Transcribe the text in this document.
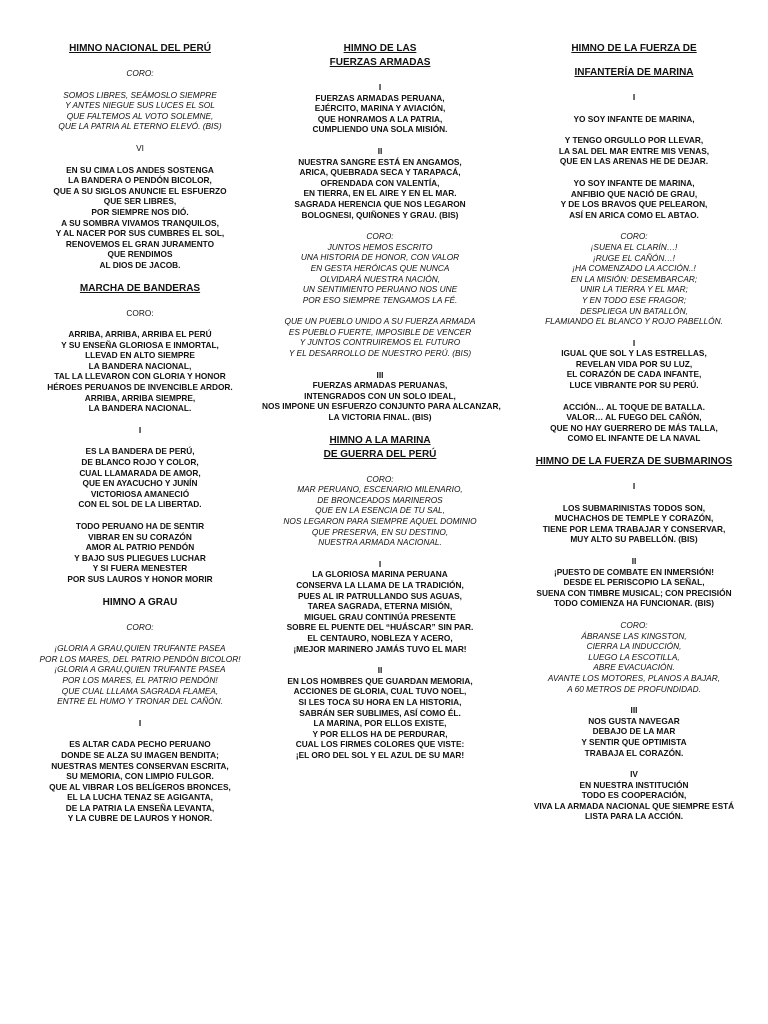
HIMNO NACIONAL DEL PERÚ
CORO:
SOMOS LIBRES, SEÁMOSLO SIEMPRE
Y ANTES NIEGUE SUS LUCES EL SOL
QUE FALTEMOS AL VOTO SOLEMNE,
QUE LA PATRIA AL ETERNO ELEVÓ. (BIS)
VI
EN SU CIMA LOS ANDES SOSTENGA
LA BANDERA O PENDÓN BICOLOR,
QUE A SU SIGLOS ANUNCIE EL ESFUERZO
QUE SER LIBRES,
POR SIEMPRE NOS DIÓ.
A SU SOMBRA VIVAMOS TRANQUILOS,
Y AL NACER POR SUS CUMBRES EL SOL,
RENOVEMOS EL GRAN JURAMENTO
QUE RENDIMOS
AL DIOS DE JACOB.
MARCHA DE BANDERAS
CORO:
ARRIBA, ARRIBA, ARRIBA EL PERÚ
Y SU ENSEÑA GLORIOSA E INMORTAL,
LLEVAD EN ALTO SIEMPRE
LA BANDERA NACIONAL,
TAL LA LLEVARON CON GLORIA Y HONOR
HÉROES PERUANOS DE INVENCIBLE ARDOR.
ARRIBA, ARRIBA SIEMPRE,
LA BANDERA NACIONAL.
I
ES LA BANDERA DE PERÚ,
DE BLANCO ROJO Y COLOR,
CUAL LLAMARADA DE AMOR,
QUE EN AYACUCHO Y JUNÍN
VICTORIOSA AMANECIÓ
CON EL SOL DE LA LIBERTAD.
TODO PERUANO HA DE SENTIR
VIBRAR EN SU CORAZÓN
AMOR AL PATRIO PENDÓN
Y BAJO SUS PLIEGUES LUCHAR
Y SI FUERA MENESTER
POR SUS LAUROS Y HONOR MORIR
HIMNO A GRAU
CORO:
¡GLORIA A GRAU,QUIEN TRUFANTE PASEA
POR LOS MARES, DEL PATRIO PENDÓN BICOLOR!
¡GLORIA A GRAU,QUIEN TRUFANTE PASEA
POR LOS MARES, EL PATRIO PENDÓN!
QUE CUAL LLLAMA SAGRADA FLAMEA,
ENTRE EL HUMO Y TRONAR DEL CAÑÓN.
I
ES ALTAR CADA PECHO PERUANO
DONDE SE ALZA SU IMAGEN BENDITA;
NUESTRAS MENTES CONSERVAN ESCRITA,
SU MEMORIA, CON LIMPIO FULGOR.
QUE AL VIBRAR LOS BELÍGEROS BRONCES,
EL LA LUCHA TENAZ SE AGIGANTA,
DE LA PATRIA LA ENSEÑA LEVANTA,
Y LA CUBRE DE LAUROS Y HONOR.
HIMNO DE LAS
FUERZAS ARMADAS
I
FUERZAS ARMADAS PERUANA,
EJÉRCITO, MARINA Y AVIACIÓN,
QUE HONRAMOS A LA PATRIA,
CUMPLIENDO UNA SOLA MISIÓN.
II
NUESTRA SANGRE ESTÁ EN ANGAMOS,
ARICA, QUEBRADA SECA Y TARAPACÁ,
OFRENDADA CON VALENTÍA,
EN TIERRA, EN EL AIRE Y EN EL MAR.
SAGRADA HERENCIA QUE NOS LEGARON
BOLOGNESI, QUIÑONES Y GRAU. (BIS)
CORO:
JUNTOS HEMOS ESCRITO
UNA HISTORIA DE HONOR, CON VALOR
EN GESTA HERÓICAS QUE NUNCA
OLVIDARÁ NUESTRA NACIÓN,
UN SENTIMIENTO PERUANO NOS UNE
POR ESO SIEMPRE TENGAMOS LA FÉ.
QUE UN PUEBLO UNIDO A SU FUERZA ARMADA
ES PUEBLO FUERTE, IMPOSIBLE DE VENCER
Y JUNTOS CONTRUIREMOS EL FUTURO
Y EL DESARROLLO DE NUESTRO PERÚ. (BIS)
III
FUERZAS ARMADAS PERUANAS,
INTENGRADOS CON UN SOLO IDEAL,
NOS IMPONE UN ESFUERZO CONJUNTO PARA ALCANZAR,
LA VICTORIA FINAL. (BIS)
HIMNO A LA MARINA
DE GUERRA DEL PERÚ
CORO:
MAR PERUANO, ESCENARIO MILENARIO,
DE BRONCEADOS MARINEROS
QUE EN LA ESENCIA DE TU SAL,
NOS LEGARON PARA SIEMPRE AQUEL DOMINIO
QUE PRESERVA, EN SU DESTINO,
NUESTRA ARMADA NACIONAL.
I
LA GLORIOSA MARINA PERUANA
CONSERVA LA LLAMA DE LA TRADICIÓN,
PUES AL IR PATRULLANDO SUS AGUAS,
TAREA SAGRADA, ETERNA MISIÓN,
MIGUEL GRAU CONTINÚA PRESENTE
SOBRE EL PUENTE DEL “HUÁSCAR” SIN PAR.
EL CENTAURO, NOBLEZA Y ACERO,
¡MEJOR MARINERO JAMÁS TUVO EL MAR!
II
EN LOS HOMBRES QUE GUARDAN MEMORIA,
ACCIONES DE GLORIA, CUAL TUVO NOEL,
SI LES TOCA SU HORA EN LA HISTORIA,
SABRÁN SER SUBLIMES, ASÍ COMO ÉL.
LA MARINA, POR ELLOS EXISTE,
Y POR ELLOS HA DE PERDURAR,
CUAL LOS FIRMES COLORES QUE VISTE:
¡EL ORO DEL SOL Y EL AZUL DE SU MAR!
HIMNO DE LA FUERZA DE
INFANTERÍA DE MARINA
I
YO SOY INFANTE DE MARINA,
Y TENGO ORGULLO POR LLEVAR,
LA SAL DEL MAR ENTRE MIS VENAS,
QUE EN LAS ARENAS HE DE DEJAR.
YO SOY INFANTE DE MARINA,
ANFIBIO QUE NACIÓ DE GRAU,
Y DE LOS BRAVOS QUE PELEARON,
ASÍ EN ARICA COMO EL ABTAO.
CORO:
¡SUENA EL CLARÍN…!
¡RUGE EL CAÑÓN…!
¡HA COMENZADO LA ACCIÓN..!
EN LA MISIÓN: DESEMBARCAR;
UNIR LA TIERRA Y EL MAR;
Y EN TODO ESE FRAGOR;
DESPLIEGA UN BATALLÓN,
FLAMIANDO EL BLANCO Y ROJO PABELLÓN.
I
IGUAL QUE SOL Y LAS ESTRELLAS,
REVELAN VIDA POR SU LUZ,
EL CORAZÓN DE CADA INFANTE,
LUCE VIBRANTE POR SU PERÚ.
ACCIÓN… AL TOQUE DE BATALLA.
VALOR… AL FUEGO DEL CAÑÓN,
QUE NO HAY GUERRERO DE MÁS TALLA,
COMO EL INFANTE DE LA NAVAL
HIMNO DE LA FUERZA DE SUBMARINOS
I
LOS SUBMARINISTAS TODOS SON,
MUCHACHOS DE TEMPLE Y CORAZÓN,
TIENE POR LEMA TRABAJAR Y CONSERVAR,
MUY ALTO SU PABELLÓN. (BIS)
II
¡PUESTO DE COMBATE EN INMERSIÓN!
DESDE EL PERISCOPIO LA SEÑAL,
SUENA CON TIMBRE MUSICAL; CON PRECISIÓN
TODO COMIENZA HA FUNCIONAR. (BIS)
CORO:
ÁBRANSE LAS KINGSTON,
CIERRA LA INDUCCIÓN,
LUEGO LA ESCOTILLA,
ABRE EVACUACIÓN.
AVANTE LOS MOTORES, PLANOS A BAJAR,
A 60 METROS DE PROFUNDIDAD.
III
NOS GUSTA NAVEGAR
DEBAJO DE LA MAR
Y SENTIR QUE OPTIMISTA
TRABAJA EL CORAZÓN.
IV
EN NUESTRA INSTITUCIÓN
TODO ES COOPERACIÓN,
VIVA LA ARMADA NACIONAL QUE SIEMPRE ESTÁ
LISTA PARA LA ACCIÓN.
